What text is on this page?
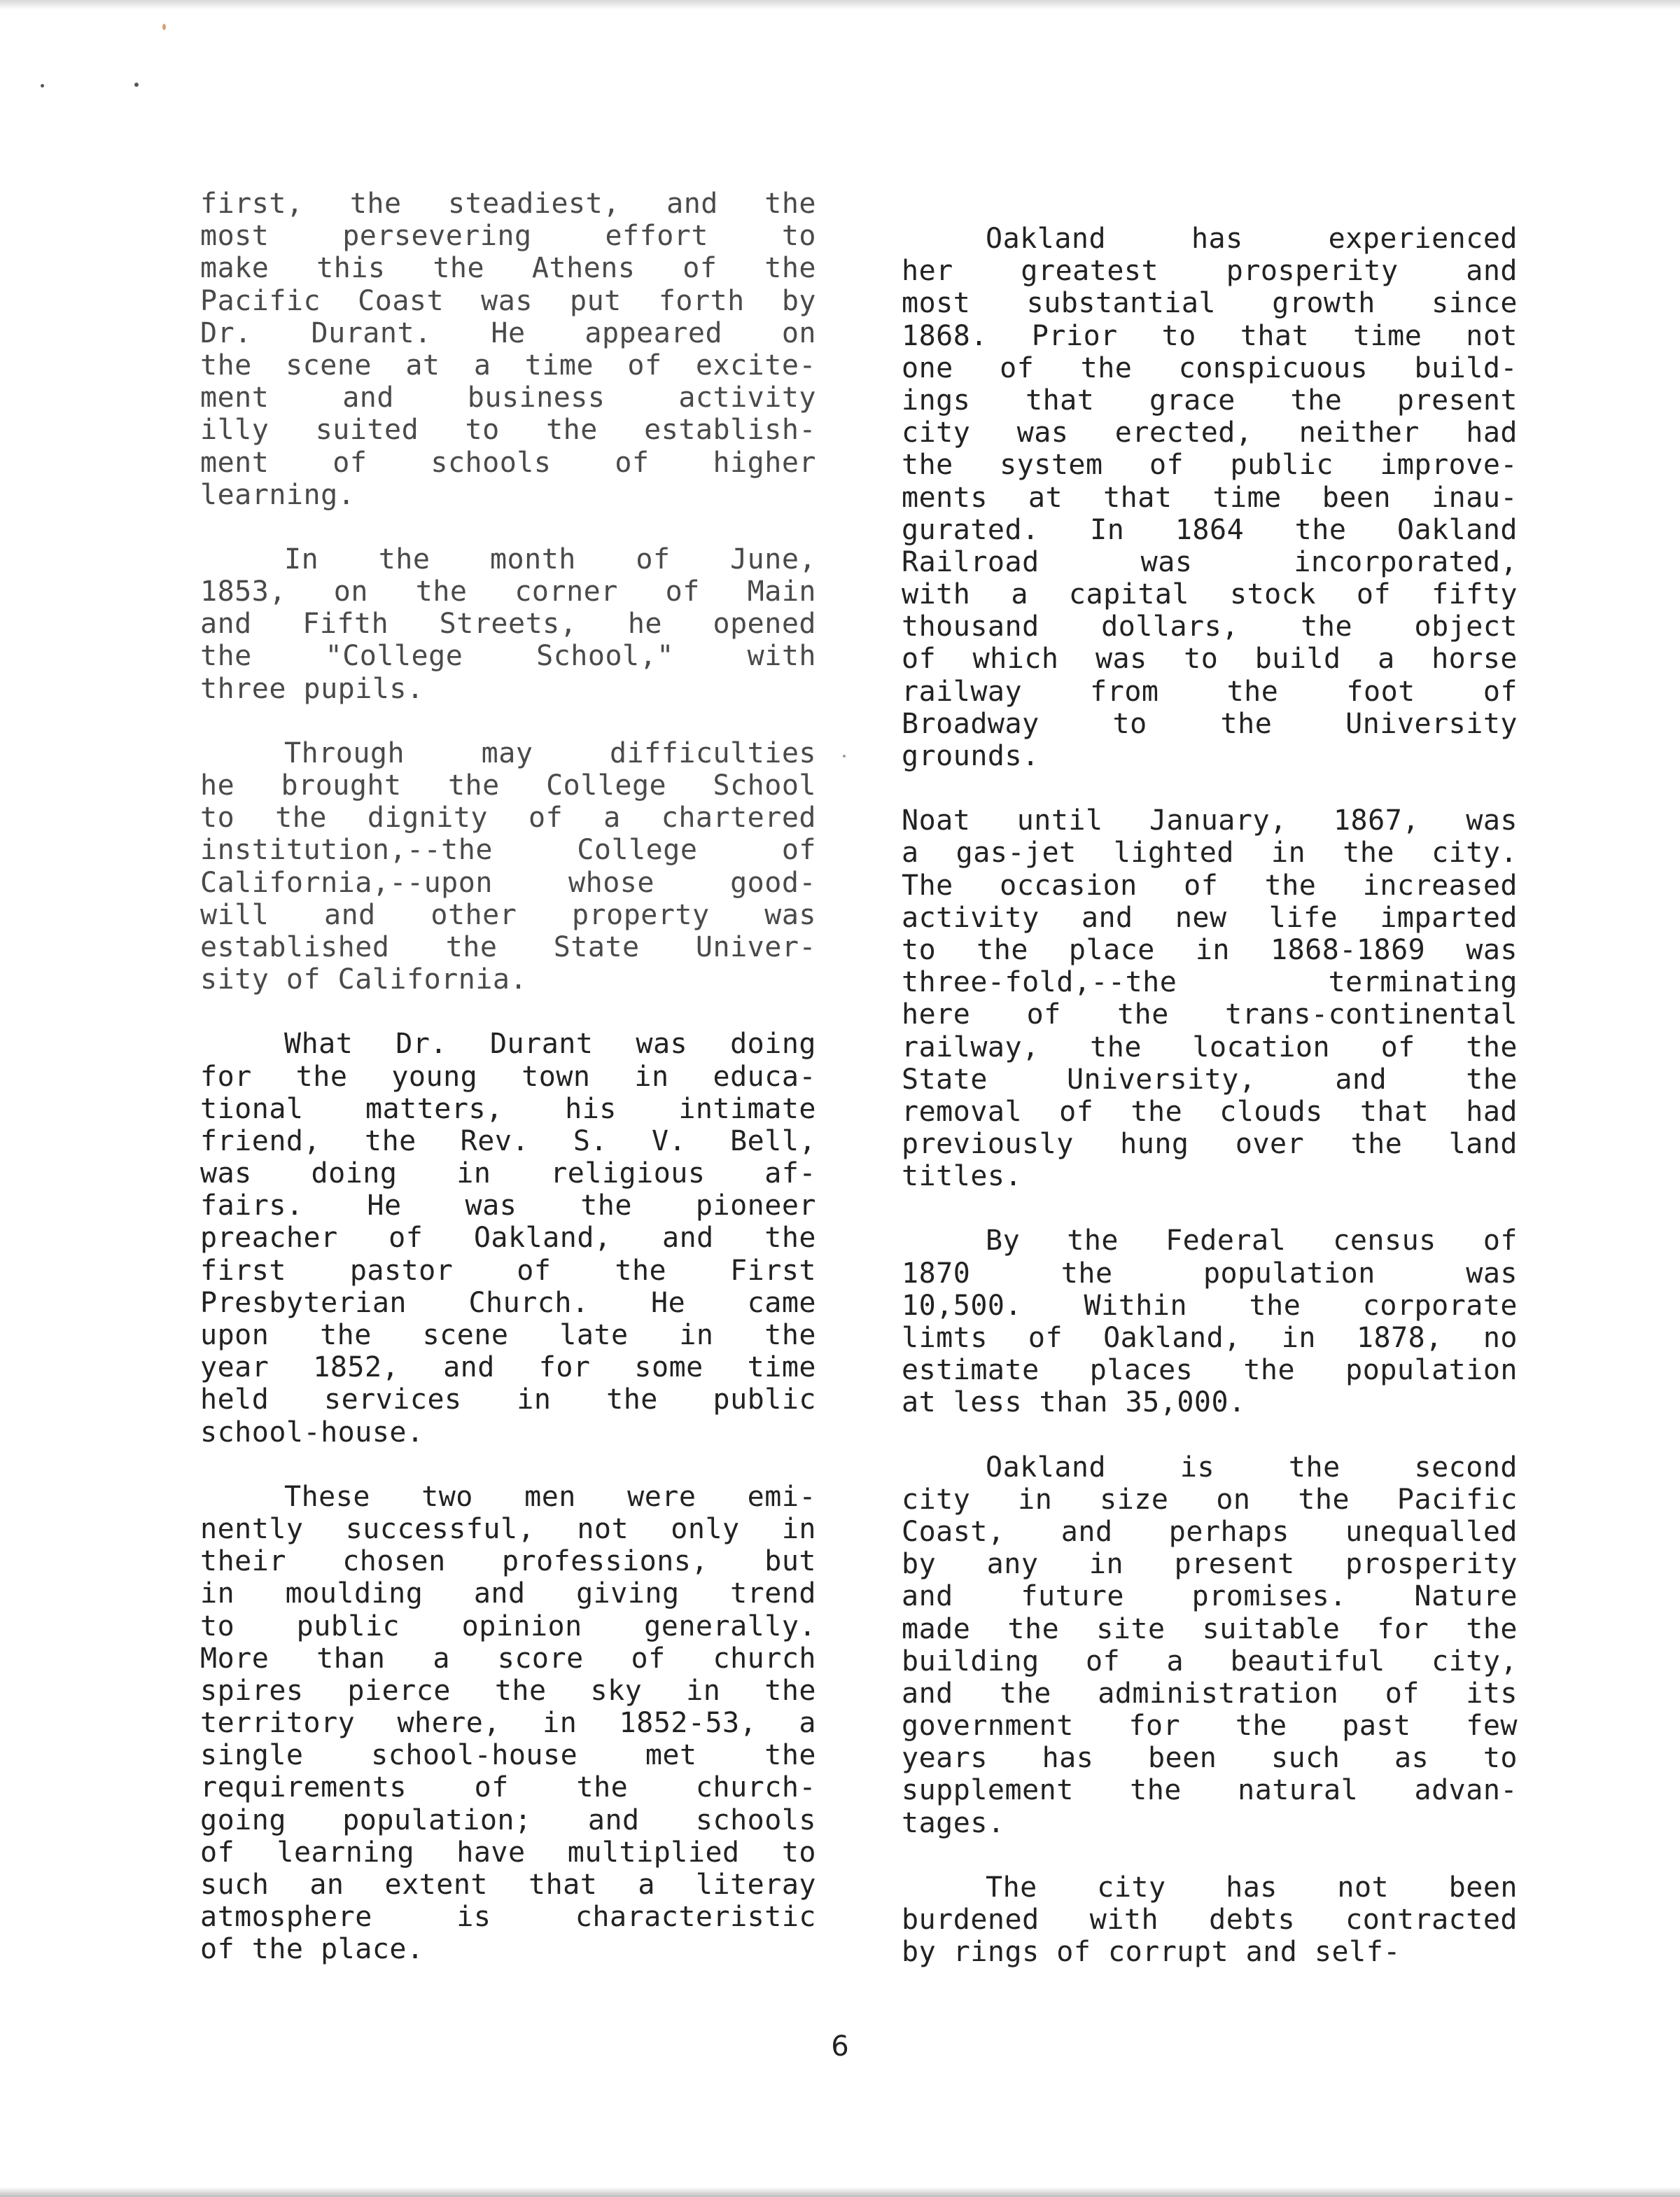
first, the steadiest, and the
most persevering effort to
make this the Athens of the
Pacific Coast was put forth by
Dr. Durant. He appeared on
the scene at a time of excite-
ment and business activity
illy suited to the establish-
ment of schools of higher
learning.
In the month of June,
1853, on the corner of Main
and Fifth Streets, he opened
the "College School," with
three pupils.
Through may difficulties
he brought the College School
to the dignity of a chartered
institution,--the College of
California,--upon whose good-
will and other property was
established the State Univer-
sity of California.
What Dr. Durant was doing
for the young town in educa-
tional matters, his intimate
friend, the Rev. S. V. Bell,
was doing in religious af-
fairs. He was the pioneer
preacher of Oakland, and the
first pastor of the First
Presbyterian Church. He came
upon the scene late in the
year 1852, and for some time
held services in the public
school-house.
These two men were emi-
nently successful, not only in
their chosen professions, but
in moulding and giving trend
to public opinion generally.
More than a score of church
spires pierce the sky in the
territory where, in 1852-53, a
single school-house met the
requirements of the church-
going population; and schools
of learning have multiplied to
such an extent that a literay
atmosphere is characteristic
of the place.
Oakland has experienced
her greatest prosperity and
most substantial growth since
1868. Prior to that time not
one of the conspicuous build-
ings that grace the present
city was erected, neither had
the system of public improve-
ments at that time been inau-
gurated. In 1864 the Oakland
Railroad was incorporated,
with a capital stock of fifty
thousand dollars, the object
of which was to build a horse
railway from the foot of
Broadway to the University
grounds.
Noat until January, 1867, was
a gas-jet lighted in the city.
The occasion of the increased
activity and new life imparted
to the place in 1868-1869 was
three-fold,--the terminating
here of the trans-continental
railway, the location of the
State University, and the
removal of the clouds that had
previously hung over the land
titles.
By the Federal census of
1870 the population was
10,500. Within the corporate
limts of Oakland, in 1878, no
estimate places the population
at less than 35,000.
Oakland is the second
city in size on the Pacific
Coast, and perhaps unequalled
by any in present prosperity
and future promises. Nature
made the site suitable for the
building of a beautiful city,
and the administration of its
government for the past few
years has been such as to
supplement the natural advan-
tages.
The city has not been
burdened with debts contracted
by rings of corrupt and self-
6
